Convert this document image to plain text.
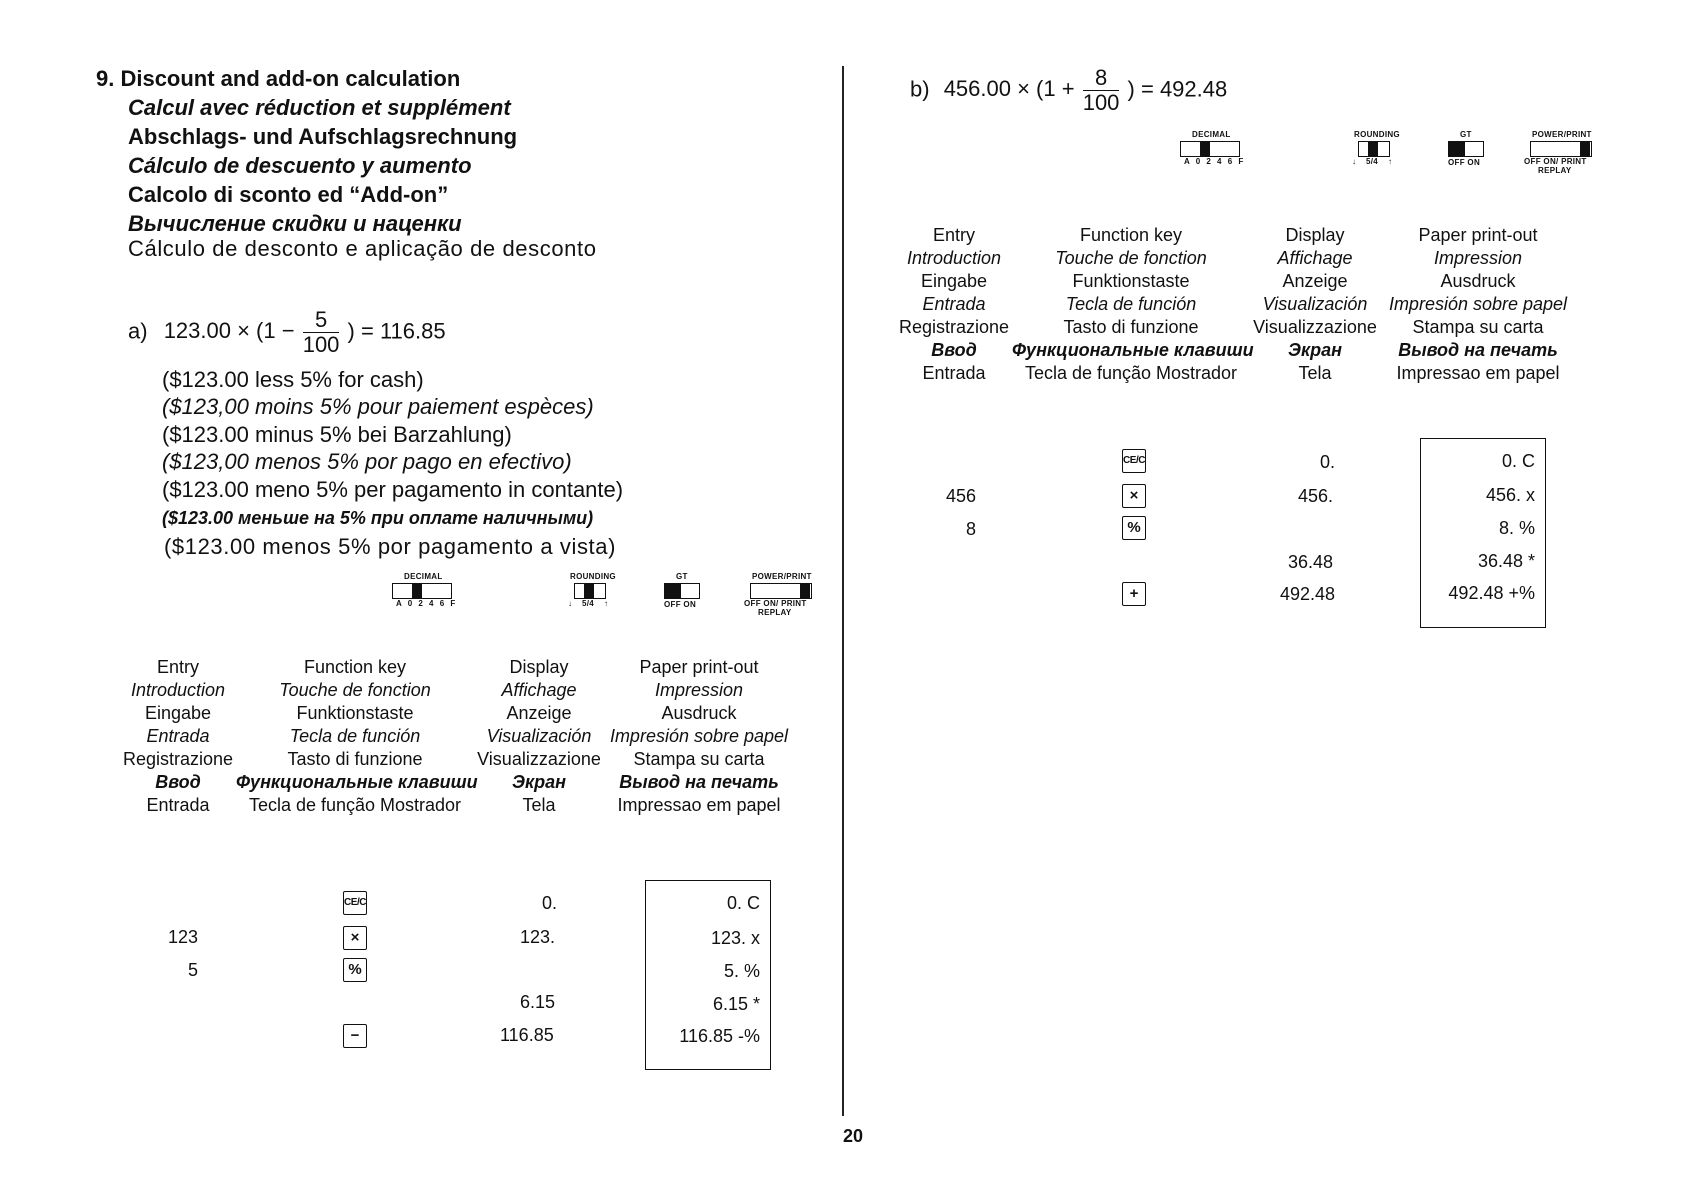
9. Discount and add-on calculation
Calcul avec réduction et supplément
Abschlags- und Aufschlagsrechnung
Cálculo de descuento y aumento
Calcolo di sconto ed “Add-on”
Вычисление скидки и наценки
Cálculo de desconto e aplicação de desconto
a) $123.00 \times (1 - \frac{5}{100}$ ) = 116.85
($123.00 less 5% for cash)
($123,00 moins 5% pour paiement espèces)
($123.00 minus 5% bei Barzahlung)
($123,00 menos 5% por pago en efectivo)
($123.00 meno 5% per pagamento in contante)
($123.00 меньше на 5% при оплате наличными)
($123.00 menos 5% por pagamento a vista)
DECIMAL
A 0 2 4 6 F
ROUNDING
↓ 5/4 ↑
GT
OFF ON
POWER/PRINT
OFF ON/ PRINT
REPLAY
Entry
Introduction
Eingabe
Entrada
Registrazione
Ввод
Entrada
Function key
Touche de fonction
Funktionstaste
Tecla de función
Tasto di funzione
Функциональные клавиши
Tecla de função Mostrador
Display
Affichage
Anzeige
Visualización
Visualizzazione
Экран
Tela
Paper print-out
Impression
Ausdruck
Impresión sobre papel
Stampa su carta
Вывод на печать
Impressao em papel
123
5
CE/C
×
%
−
0.
123.
6.15
116.85
0. C
123. x
5. %
6.15 *
116.85 -%
20
b) $456.00 \times (1 + \frac{8}{100}$ ) = 492.48
DECIMAL
A 0 2 4 6 F
ROUNDING
↓ 5/4 ↑
GT
OFF ON
POWER/PRINT
OFF ON/ PRINT
REPLAY
Entry
Introduction
Eingabe
Entrada
Registrazione
Ввод
Entrada
Function key
Touche de fonction
Funktionstaste
Tecla de función
Tasto di funzione
Функциональные клавиши
Tecla de função Mostrador
Display
Affichage
Anzeige
Visualización
Visualizzazione
Экран
Tela
Paper print-out
Impression
Ausdruck
Impresión sobre papel
Stampa su carta
Вывод на печать
Impressao em papel
456
8
CE/C
×
%
+
0.
456.
36.48
492.48
0. C
456. x
8. %
36.48 *
492.48 +%
